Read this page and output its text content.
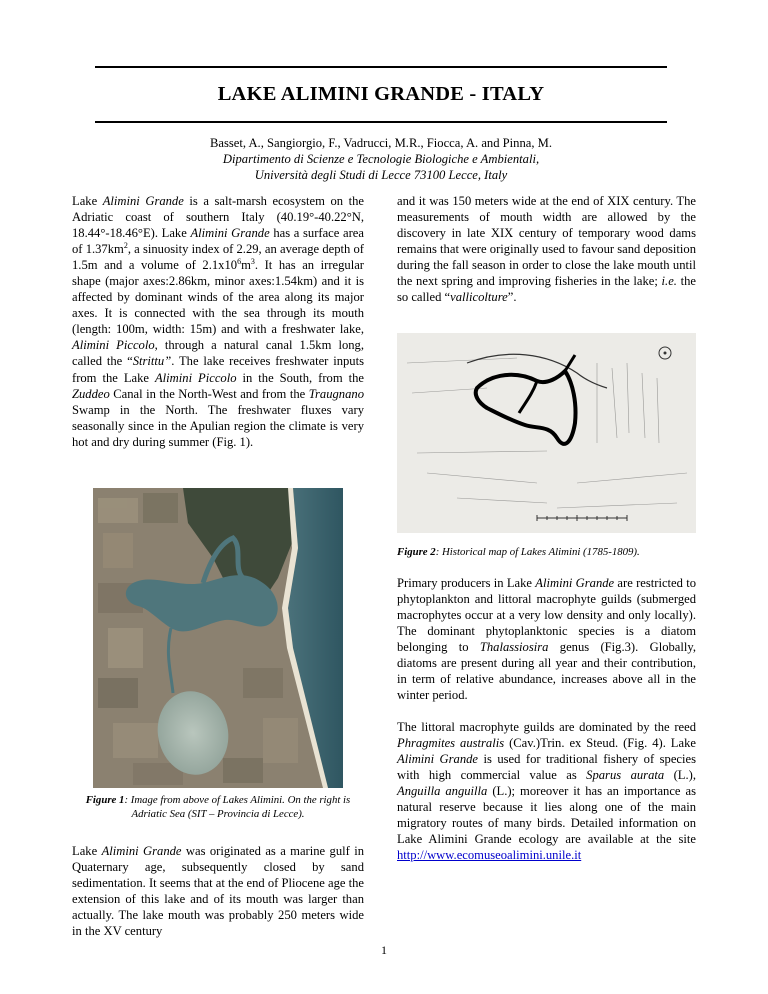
LAKE ALIMINI GRANDE - ITALY
Basset, A., Sangiorgio, F., Vadrucci, M.R., Fiocca, A. and Pinna, M.
Dipartimento di Scienze e Tecnologie Biologiche e Ambientali,
Università degli Studi di Lecce 73100 Lecce, Italy

Lake Alimini Grande is a salt-marsh ecosystem on the Adriatic coast of southern Italy (40.19°-40.22°N, 18.44°-18.46°E). Lake Alimini Grande has a surface area of $1.37km^2$, a sinuosity index of 2.29, an average depth of 1.5m and a volume of $2.1x10^6m^3$. It has an irregular shape (major axes:2.86km, minor axes:1.54km) and it is affected by dominant winds of the area along its major axes. It is connected with the sea through its mouth (length: 100m, width: 15m) and with a freshwater lake, Alimini Piccolo, through a natural canal 1.5km long, called the “Strittu”. The lake receives freshwater inputs from the Lake Alimini Piccolo in the South, from the Zuddeo Canal in the North-West and from the Traugnano Swamp in the North. The freshwater fluxes vary seasonally since in the Apulian region the climate is very hot and dry during summer (Fig. 1).

Figure 1: Image from above of Lakes Alimini. On the right is Adriatic Sea (SIT – Provincia di Lecce).

Lake Alimini Grande was originated as a marine gulf in Quaternary age, subsequently closed by sand sedimentation. It seems that at the end of Pliocene age the extension of this lake and of its mouth was larger than actually. The lake mouth was probably 250 meters wide in the XV century

and it was 150 meters wide at the end of XIX century. The measurements of mouth width are allowed by the discovery in late XIX century of temporary wood dams remains that were originally used to favour sand deposition during the fall season in order to close the lake mouth until the next spring and improving fisheries in the lake; i.e. the so called “vallicolture”.

Figure 2: Historical map of Lakes Alimini (1785-1809).

Primary producers in Lake Alimini Grande are restricted to phytoplankton and littoral macrophyte guilds (submerged macrophytes occur at a very low density and only locally). The dominant phytoplanktonic species is a diatom belonging to Thalassiosira genus (Fig.3). Globally, diatoms are present during all year and their contribution, in term of relative abundance, increases above all in the winter period.

The littoral macrophyte guilds are dominated by the reed Phragmites australis (Cav.)Trin. ex Steud. (Fig. 4). Lake Alimini Grande is used for traditional fishery of species with high commercial value as Sparus aurata (L.), Anguilla anguilla (L.); moreover it has an importance as natural reserve because it lies along one of the main migratory routes of many birds. Detailed information on Lake Alimini Grande ecology are available at the site http://www.ecomuseoalimini.unile.it

1
